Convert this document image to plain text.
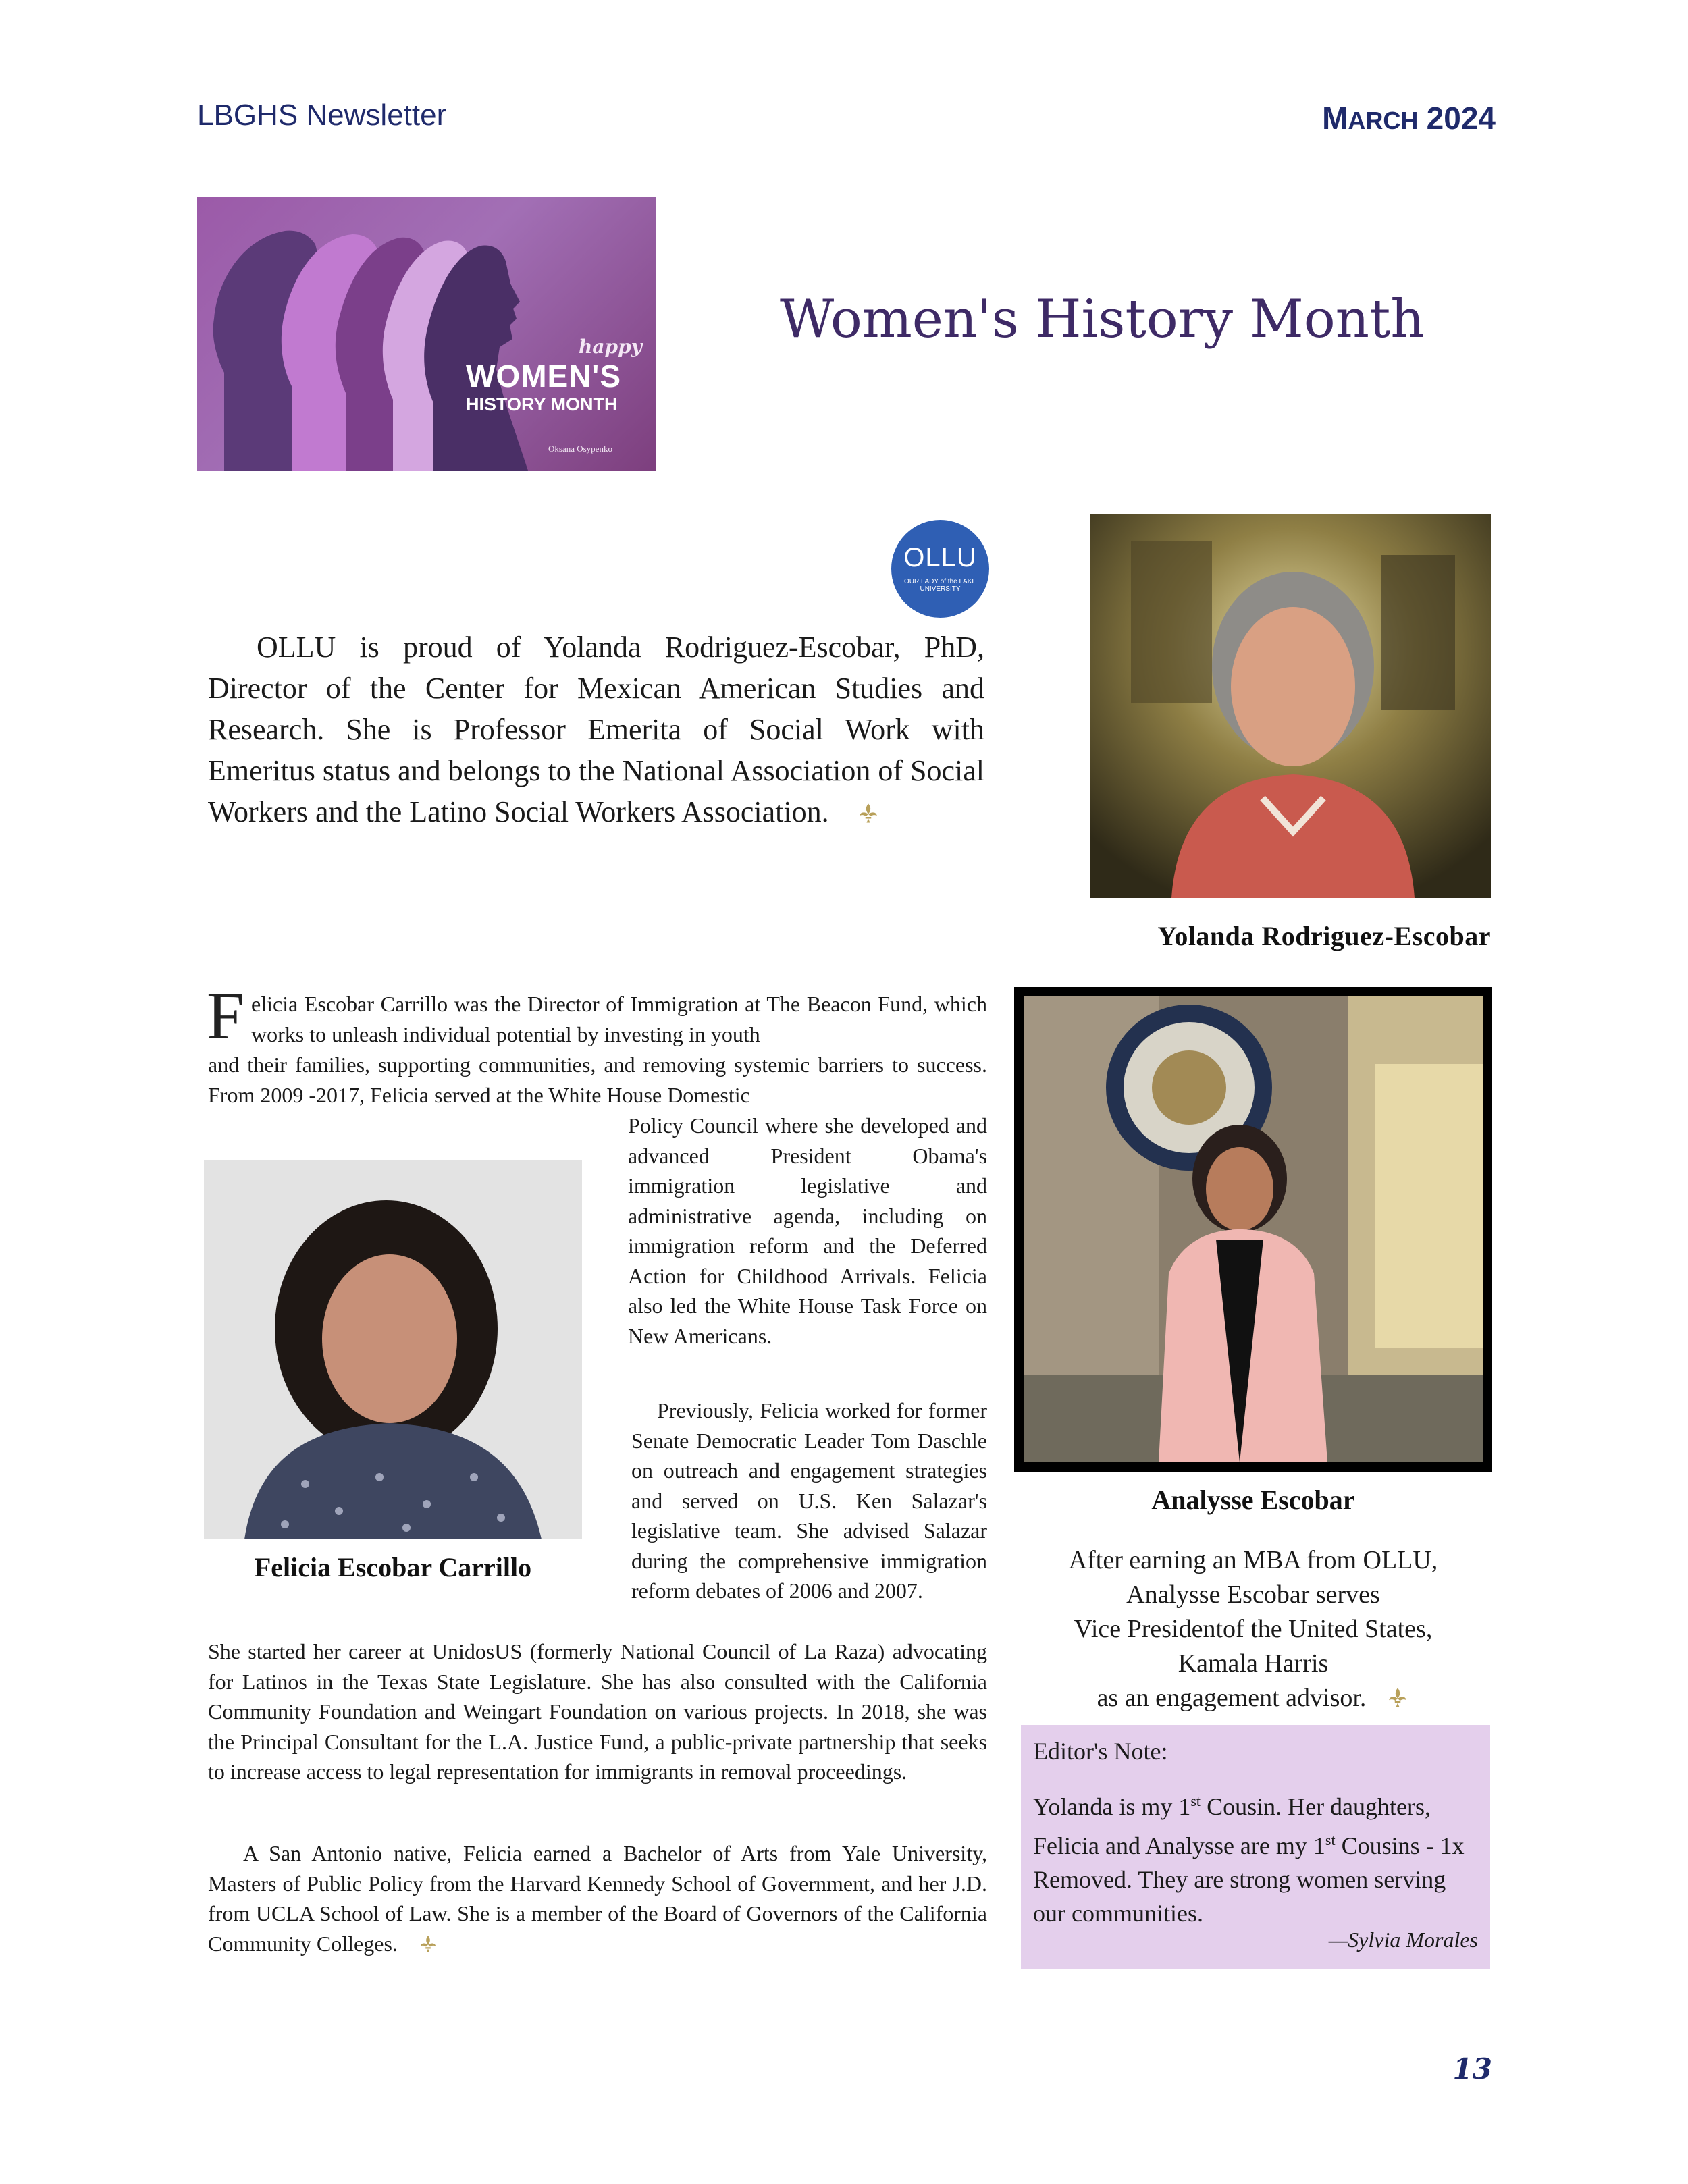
LBGHS Newsletter	MARCH 2024
happy
WOMEN'S
HISTORY MONTH
Oksana Osypenko
Women's History Month
OLLU
OUR LADY of the LAKE
UNIVERSITY
OLLU is proud of Yolanda Rodriguez-Escobar, PhD, Director of the Center for Mexican American Studies and Research. She is Professor Emerita of Social Work with Emeritus status and belongs to the National Association of Social Workers and the Latino Social Workers Association.
Yolanda Rodriguez-Escobar
Analysse Escobar
After earning an MBA from OLLU,
Analysse Escobar serves
Vice Presidentof the United States,
Kamala Harris
as an engagement advisor.
Editor's Note:
Yolanda is my 1st Cousin. Her daughters, Felicia and Analysse are my 1st Cousins - 1x Removed. They are strong women serving our communities.
—Sylvia Morales
F elicia Escobar Carrillo was the Director of Immigration at The Beacon Fund, which works to unleash individual potential by investing in youth
and their families, supporting communities, and removing systemic barriers to success. From 2009 -2017, Felicia served at the White House Domestic
Policy Council where she developed and advanced President Obama's immigration legislative and administrative agenda, including on immigration reform and the Deferred Action for Childhood Arrivals. Felicia also led the White House Task Force on New Americans.
Previously, Felicia worked for former Senate Democratic Leader Tom Daschle on outreach and engagement strategies and served on U.S. Ken Salazar's legislative team. She advised Salazar during the comprehensive immigration reform debates of 2006 and 2007.
She started her career at UnidosUS (formerly National Council of La Raza) advocating for Latinos in the Texas State Legislature. She has also consulted with the California Community Foundation and Weingart Foundation on various projects. In 2018, she was the Principal Consultant for the L.A. Justice Fund, a public-private partnership that seeks to increase access to legal representation for immigrants in removal proceedings.
A San Antonio native, Felicia earned a Bachelor of Arts from Yale University, Masters of Public Policy from the Harvard Kennedy School of Government, and her J.D. from UCLA School of Law. She is a member of the Board of Governors of the California Community Colleges.
Felicia Escobar Carrillo
13
